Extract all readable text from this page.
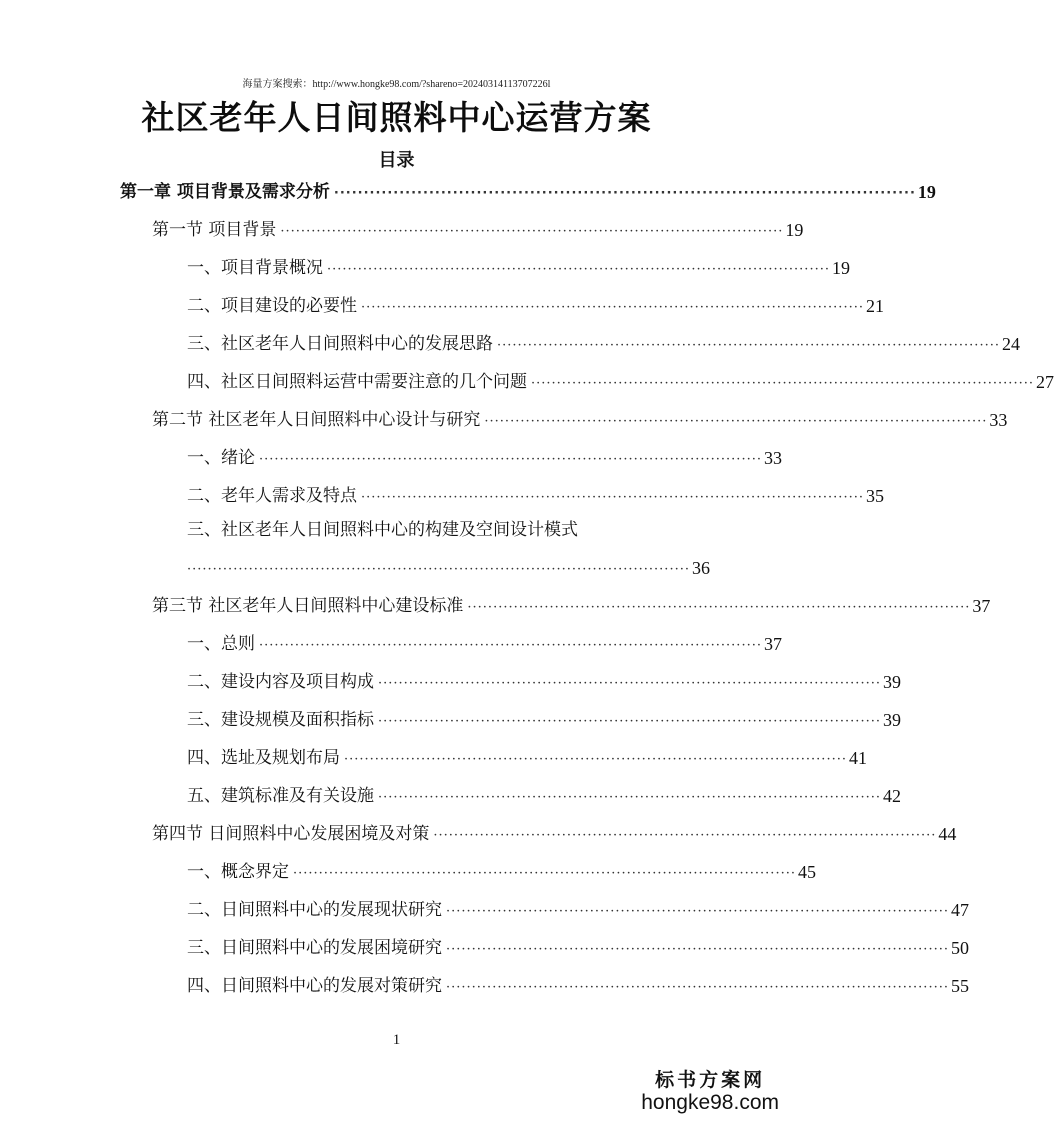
海量方案搜索：http://www.hongke98.com/?shareno=20240314113707226l
社区老年人日间照料中心运营方案
目录
第一章 项目背景及需求分析 ·································································································· 19
第一节 项目背景 ·································································································· 19
一、项目背景概况 ·································································································· 19
二、项目建设的必要性 ·································································································· 21
三、社区老年人日间照料中心的发展思路 ·································································································· 24
四、社区日间照料运营中需要注意的几个问题 ·································································································· 27
第二节 社区老年人日间照料中心设计与研究 ·································································································· 33
一、绪论 ·································································································· 33
二、老年人需求及特点 ·································································································· 35
三、社区老年人日间照料中心的构建及空间设计模式
·································································································· 36
第三节 社区老年人日间照料中心建设标准 ·································································································· 37
一、总则 ·································································································· 37
二、建设内容及项目构成 ·································································································· 39
三、建设规模及面积指标 ·································································································· 39
四、选址及规划布局 ·································································································· 41
五、建筑标准及有关设施 ·································································································· 42
第四节 日间照料中心发展困境及对策 ·································································································· 44
一、概念界定 ·································································································· 45
二、日间照料中心的发展现状研究 ·································································································· 47
三、日间照料中心的发展困境研究 ·································································································· 50
四、日间照料中心的发展对策研究 ·································································································· 55
1
标书方案网
hongke98.com
